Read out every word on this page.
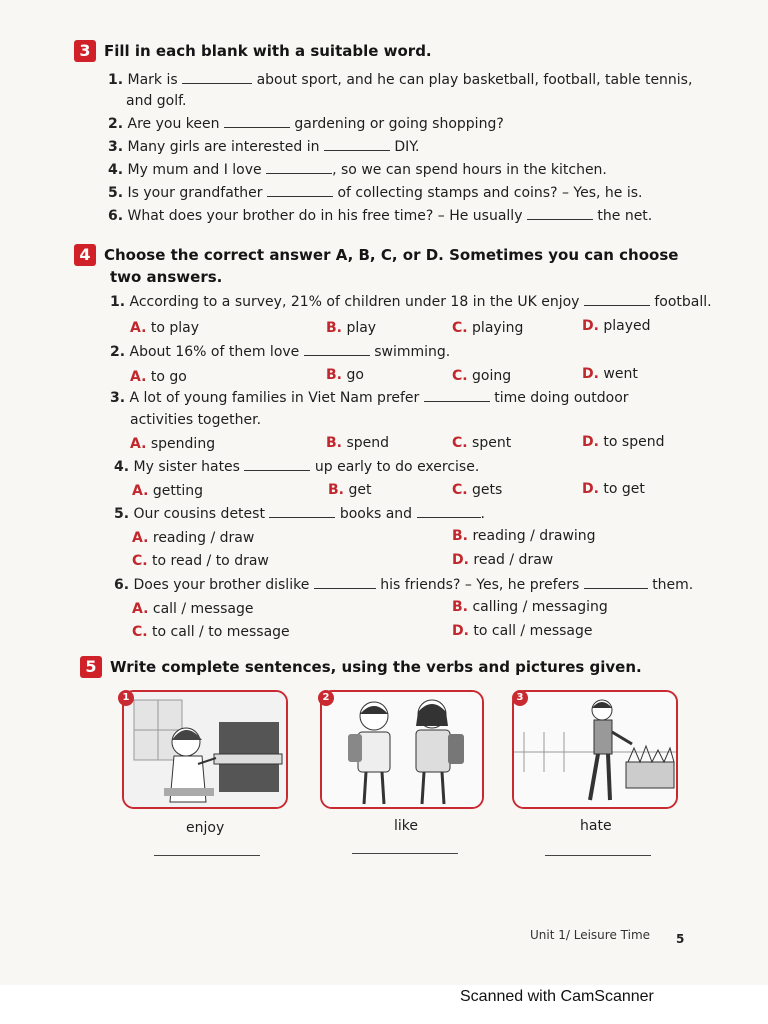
3 Fill in each blank with a suitable word.
1. Mark is	about sport, and he can play basketball, football, table tennis,
and golf.
2. Are you keen	gardening or going shopping?
3. Many girls are interested in	DIY.
4. My mum and I love	, so we can spend hours in the kitchen.
5. Is your grandfather	of collecting stamps and coins? – Yes, he is.
6. What does your brother do in his free time? – He usually	the net.
4 Choose the correct answer A, B, C, or D. Sometimes you can choose
two answers.
1. According to a survey, 21% of children under 18 in the UK enjoy	football.
A. to play	B. play	C. playing	D. played
2. About 16% of them love	swimming.
A. to go	B. go	C. going	D. went
3. A lot of young families in Viet Nam prefer	time doing outdoor
activities together.
A. spending	B. spend	C. spent	D. to spend
4. My sister hates	up early to do exercise.
A. getting	B. get	C. gets	D. to get
5. Our cousins detest	books and	.
A. reading / draw	B. reading / drawing
C. to read / to draw	D. read / draw
6. Does your brother dislike	his friends? – Yes, he prefers	them.
A. call / message	B. calling / messaging
C. to call / to message	D. to call / message
5 Write complete sentences, using the verbs and pictures given.
1	2	3
enjoy	like	hate
Unit 1/ Leisure Time 5
Scanned with CamScanner
